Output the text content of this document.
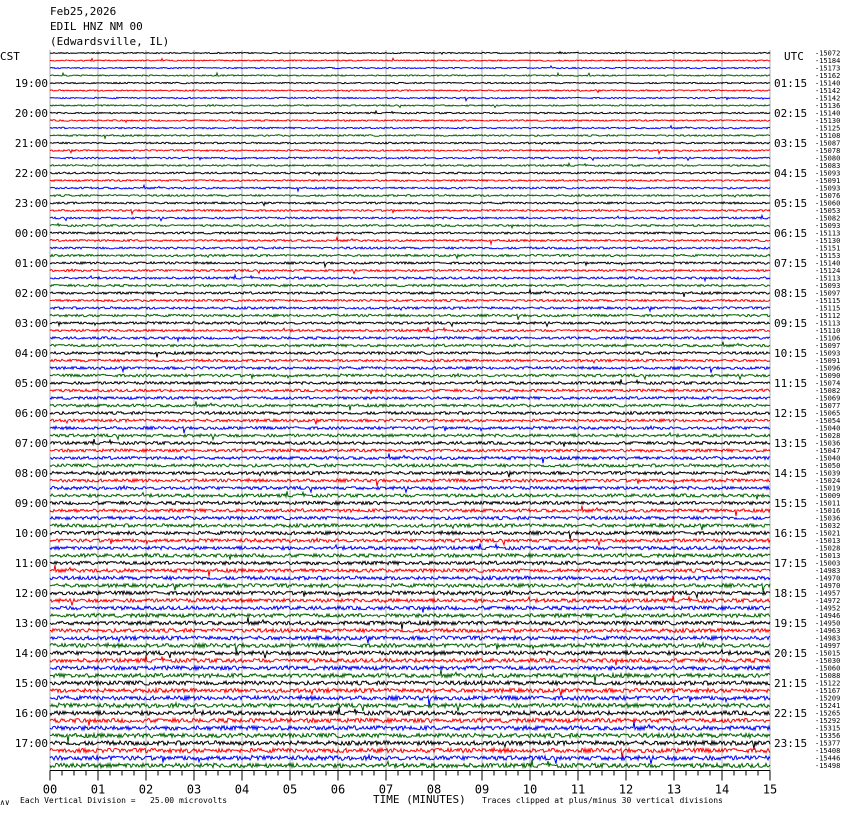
Feb25,2026
EDIL HNZ NM 00
(Edwardsville, IL)
CST	UTC
00	01	02	03	04	05	06	07	08	09	10	11	12	13	14	15
19:00
20:00
21:00
22:00
23:00
00:00
01:00
02:00
03:00
04:00
05:00
06:00
07:00
08:00
09:00
10:00
11:00
12:00
13:00
14:00
15:00
16:00
17:00
01:15
02:15
03:15
04:15
05:15
06:15
07:15
08:15
09:15
10:15
11:15
12:15
13:15
14:15
15:15
16:15
17:15
18:15
19:15
20:15
21:15
22:15
23:15
-15072
-15184
-15173
-15162
-15140
-15142
-15142
-15136
-15140
-15130
-15125
-15108
-15087
-15078
-15080
-15083
-15093
-15091
-15093
-15076
-15060
-15053
-15082
-15093
-15113
-15130
-15151
-15153
-15140
-15124
-15113
-15093
-15097
-15115
-15115
-15112
-15113
-15110
-15106
-15097
-15093
-15091
-15096
-15090
-15074
-15082
-15069
-15077
-15065
-15054
-15040
-15028
-15036
-15047
-15040
-15050
-15039
-15024
-15019
-15009
-15011
-15016
-15036
-15032
-15021
-15013
-15028
-15013
-15003
-14983
-14970
-14970
-14957
-14972
-14952
-14946
-14950
-14963
-14983
-14997
-15015
-15030
-15060
-15088
-15122
-15167
-15209
-15241
-15265
-15292
-15315
-15356
-15377
-15408
-15446
-15498
∧∨ Each Vertical Division =   25.00 microvolts	TIME (MINUTES) Traces clipped at plus/minus 30 vertical divisions
